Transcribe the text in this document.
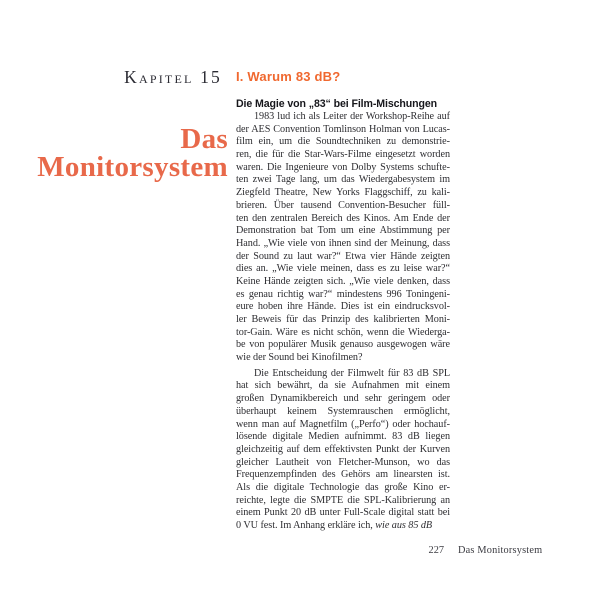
Kapitel 15 I. Warum 83 dB?
Das
Monitorsystem
Die Magie von „83“ bei Film-Mischungen
1983 lud ich als Leiter der Workshop-Reihe auf
der AES Convention Tomlinson Holman von Lucas-
film ein, um die Soundtechniken zu demonstrie-
ren, die für die Star-Wars-Filme eingesetzt worden
waren. Die Ingenieure von Dolby Systems schufte-
ten zwei Tage lang, um das Wiedergabesystem im
Ziegfeld Theatre, New Yorks Flaggschiff, zu kali-
brieren. Über tausend Convention-Besucher füll-
ten den zentralen Bereich des Kinos. Am Ende der
Demonstration bat Tom um eine Abstimmung per
Hand. „Wie viele von ihnen sind der Meinung, dass
der Sound zu laut war?“ Etwa vier Hände zeigten
dies an. „Wie viele meinen, dass es zu leise war?“
Keine Hände zeigten sich. „Wie viele denken, dass
es genau richtig war?“ mindestens 996 Toningeni-
eure hoben ihre Hände. Dies ist ein eindrucksvol-
ler Beweis für das Prinzip des kalibrierten Moni-
tor-Gain. Wäre es nicht schön, wenn die Wiederga-
be von populärer Musik genauso ausgewogen wäre
wie der Sound bei Kinofilmen?
Die Entscheidung der Filmwelt für 83 dB SPL
hat sich bewährt, da sie Aufnahmen mit einem
großen Dynamikbereich und sehr geringem oder
überhaupt keinem Systemrauschen ermöglicht,
wenn man auf Magnetfilm („Perfo“) oder hochauf-
lösende digitale Medien aufnimmt. 83 dB liegen
gleichzeitig auf dem effektivsten Punkt der Kurven
gleicher Lautheit von Fletcher-Munson, wo das
Frequenzempfinden des Gehörs am linearsten ist.
Als die digitale Technologie das große Kino er-
reichte, legte die SMPTE die SPL-Kalibrierung an
einem Punkt 20 dB unter Full-Scale digital statt bei
0 VU fest. Im Anhang erkläre ich, wie aus 85 dB
227 Das Monitorsystem
